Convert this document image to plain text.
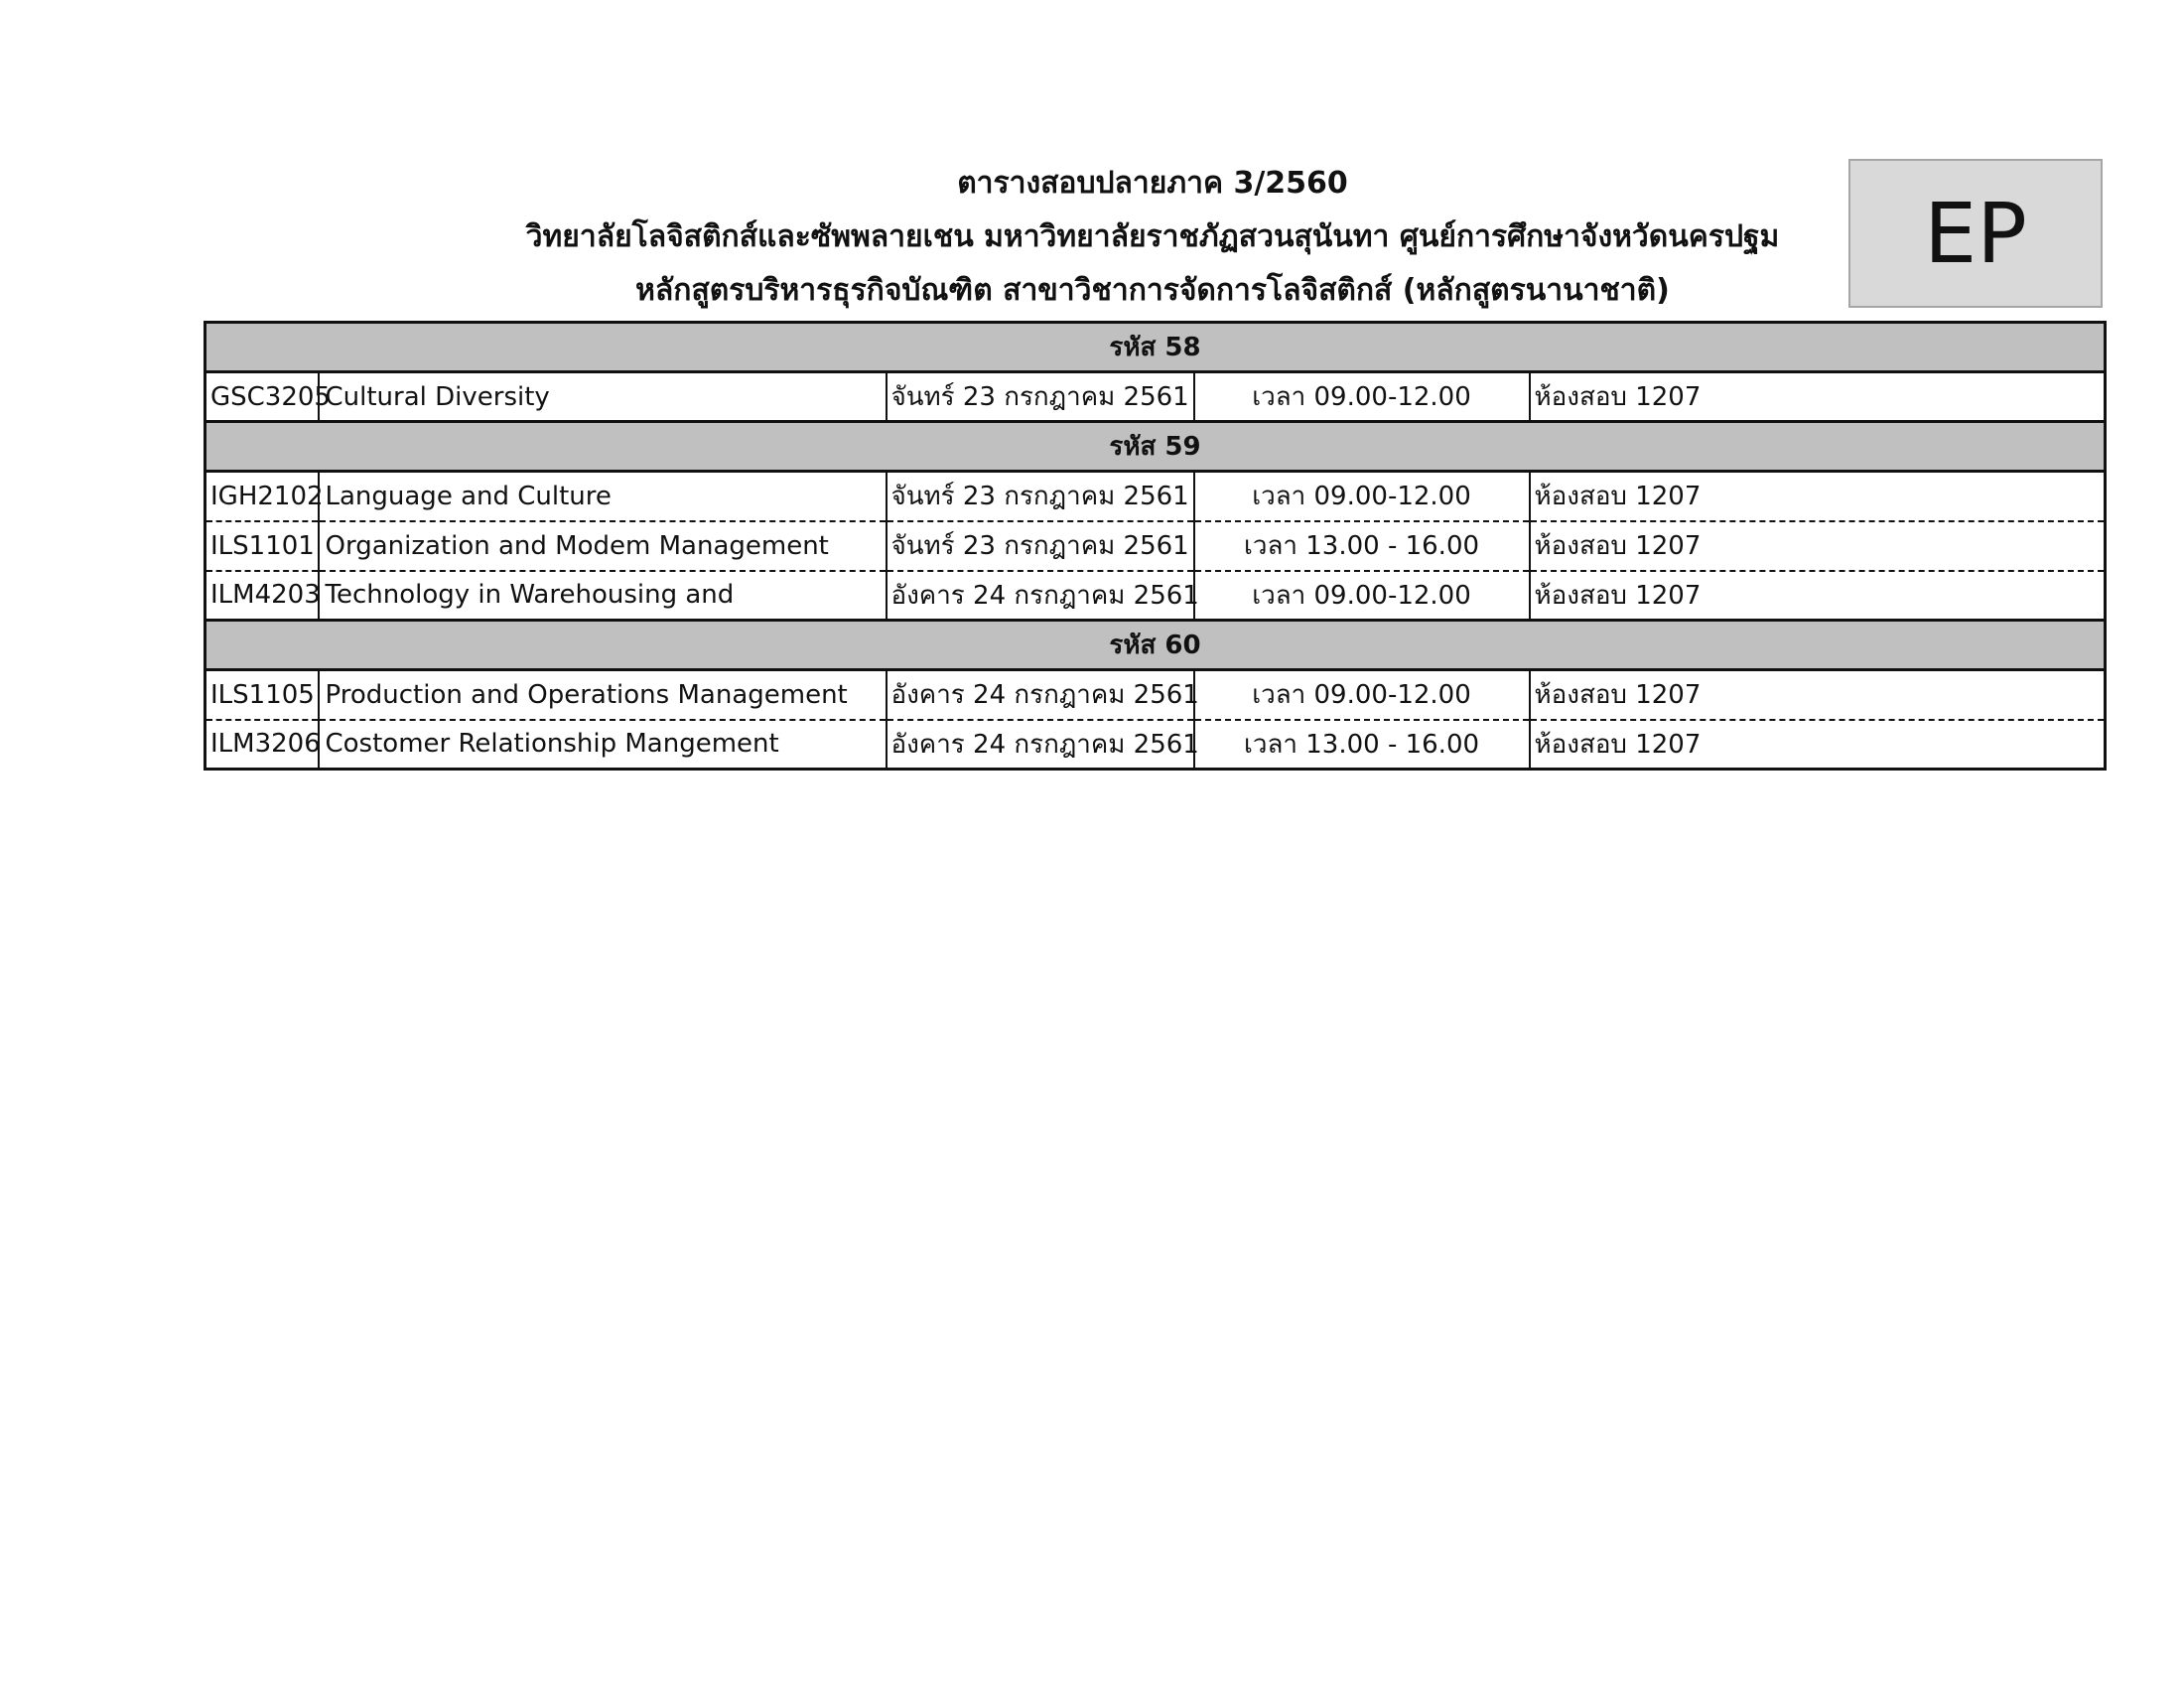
ตารางสอบปลายภาค 3/2560
วิทยาลัยโลจิสติกส์และซัพพลายเชน มหาวิทยาลัยราชภัฏสวนสุนันทา ศูนย์การศึกษาจังหวัดนครปฐม
หลักสูตรบริหารธุรกิจบัณฑิต สาขาวิชาการจัดการโลจิสติกส์ (หลักสูตรนานาชาติ)
EP
รหัส 58				
GSC3205	Cultural Diversity	จันทร์ 23 กรกฎาคม 2561	เวลา 09.00-12.00	ห้องสอบ 1207
รหัส 59				
IGH2102	Language and Culture	จันทร์ 23 กรกฎาคม 2561	เวลา 09.00-12.00	ห้องสอบ 1207
ILS1101	Organization and Modem Management	จันทร์ 23 กรกฎาคม 2561	เวลา 13.00 - 16.00	ห้องสอบ 1207
ILM4203	Technology in Warehousing and	อังคาร 24 กรกฎาคม 2561	เวลา 09.00-12.00	ห้องสอบ 1207
รหัส 60				
ILS1105	Production and Operations Management	อังคาร 24 กรกฎาคม 2561	เวลา 09.00-12.00	ห้องสอบ 1207
ILM3206	Costomer Relationship Mangement	อังคาร 24 กรกฎาคม 2561	เวลา 13.00 - 16.00	ห้องสอบ 1207
